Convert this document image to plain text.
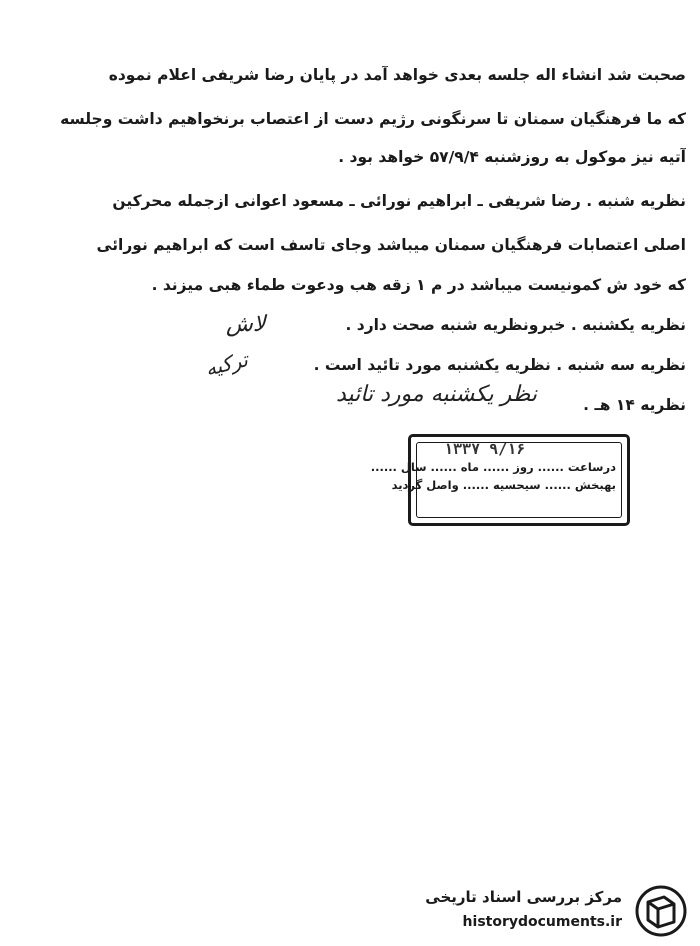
صحبت شد انشاء اله جلسه بعدی خواهد آمد در پایان رضا شریفی اعلام نموده
که ما فرهنگیان سمنان تا سرنگونی رژیم دست از اعتصاب برنخواهیم داشت وجلسه
آتیه نیز موکول به روزشنبه ۵۷/۹/۴ خواهد بود .
نظریه شنبه . رضا شریفی ـ ابراهیم نورائی ـ مسعود اعوانی ازجمله محرکین
اصلی اعتصابات فرهنگیان سمنان میباشد وجای تاسف است که ابراهیم نورائی
که خود ش کمونیست میباشد در م ۱ زقه هب ودعوت طماء هبی میزند .
نظریه یکشنبه . خبرونظریه شنبه صحت دارد .
نظریه سه شنبه . نظریه یکشنبه مورد تائید است .
نظریه ۱۴ هـ .
لاش
ترکیه
نظر یکشنبه مورد تائید
۱۳۳۷ ۹/۱۶
درساعت ...... روز ...... ماه ...... سال ......
بهبخش ...... سیحسیه ...... واصل گردید
مرکز بررسی اسناد تاریخی
historydocuments.ir
